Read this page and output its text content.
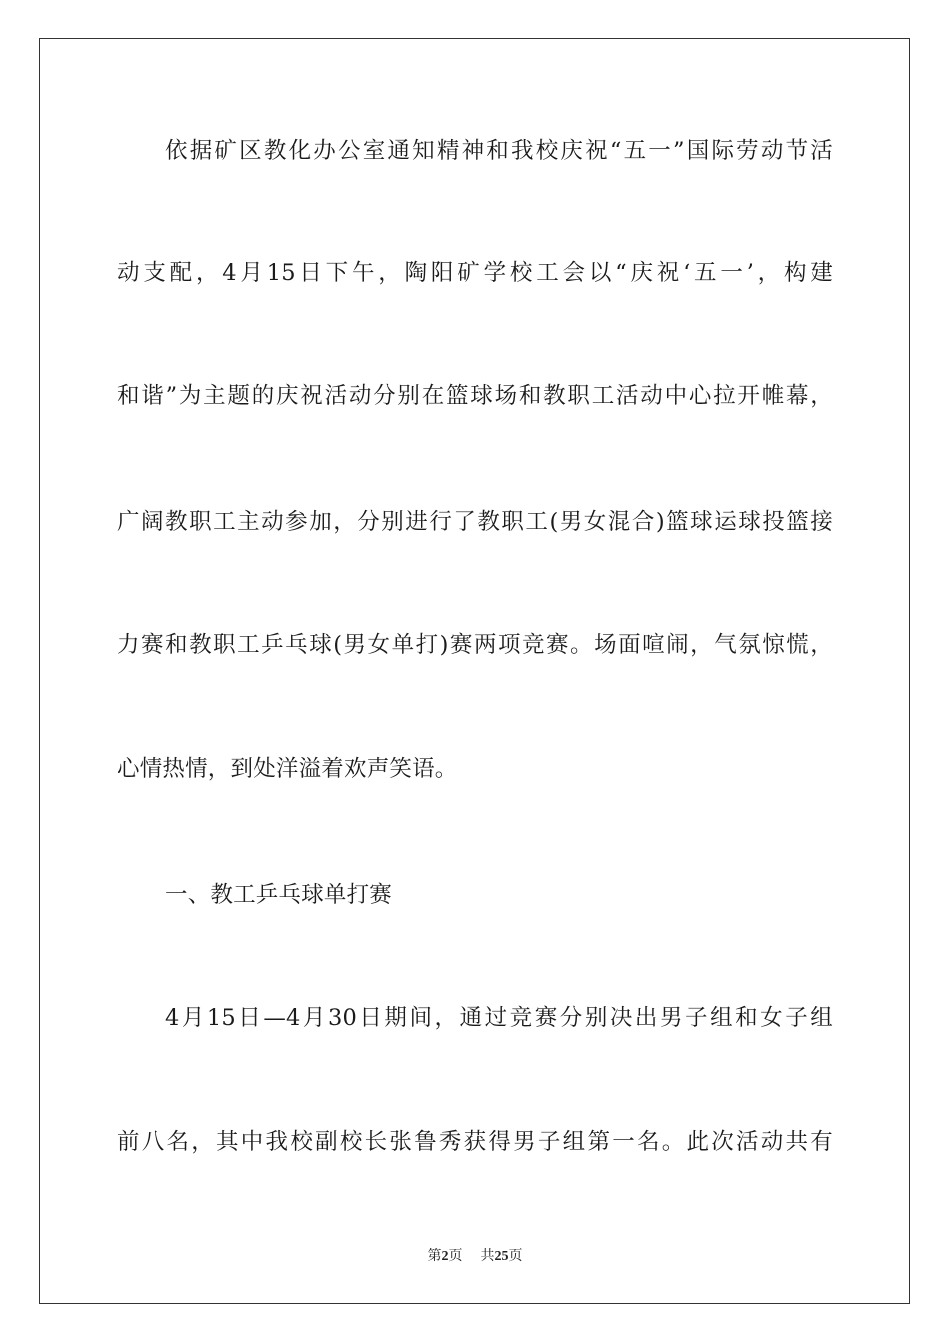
依据矿区教化办公室通知精神和我校庆祝“五一”国际劳动节活
动支配，4月15日下午，陶阳矿学校工会以“庆祝‘五一’，构建
和谐”为主题的庆祝活动分别在篮球场和教职工活动中心拉开帷幕，
广阔教职工主动参加，分别进行了教职工(男女混合)篮球运球投篮接
力赛和教职工乒乓球(男女单打)赛两项竞赛。场面喧闹，气氛惊慌，
心情热情，到处洋溢着欢声笑语。
一、教工乒乓球单打赛
4月15日—4月30日期间，通过竞赛分别决出男子组和女子组
前八名，其中我校副校长张鲁秀获得男子组第一名。此次活动共有
第2页 共25页
